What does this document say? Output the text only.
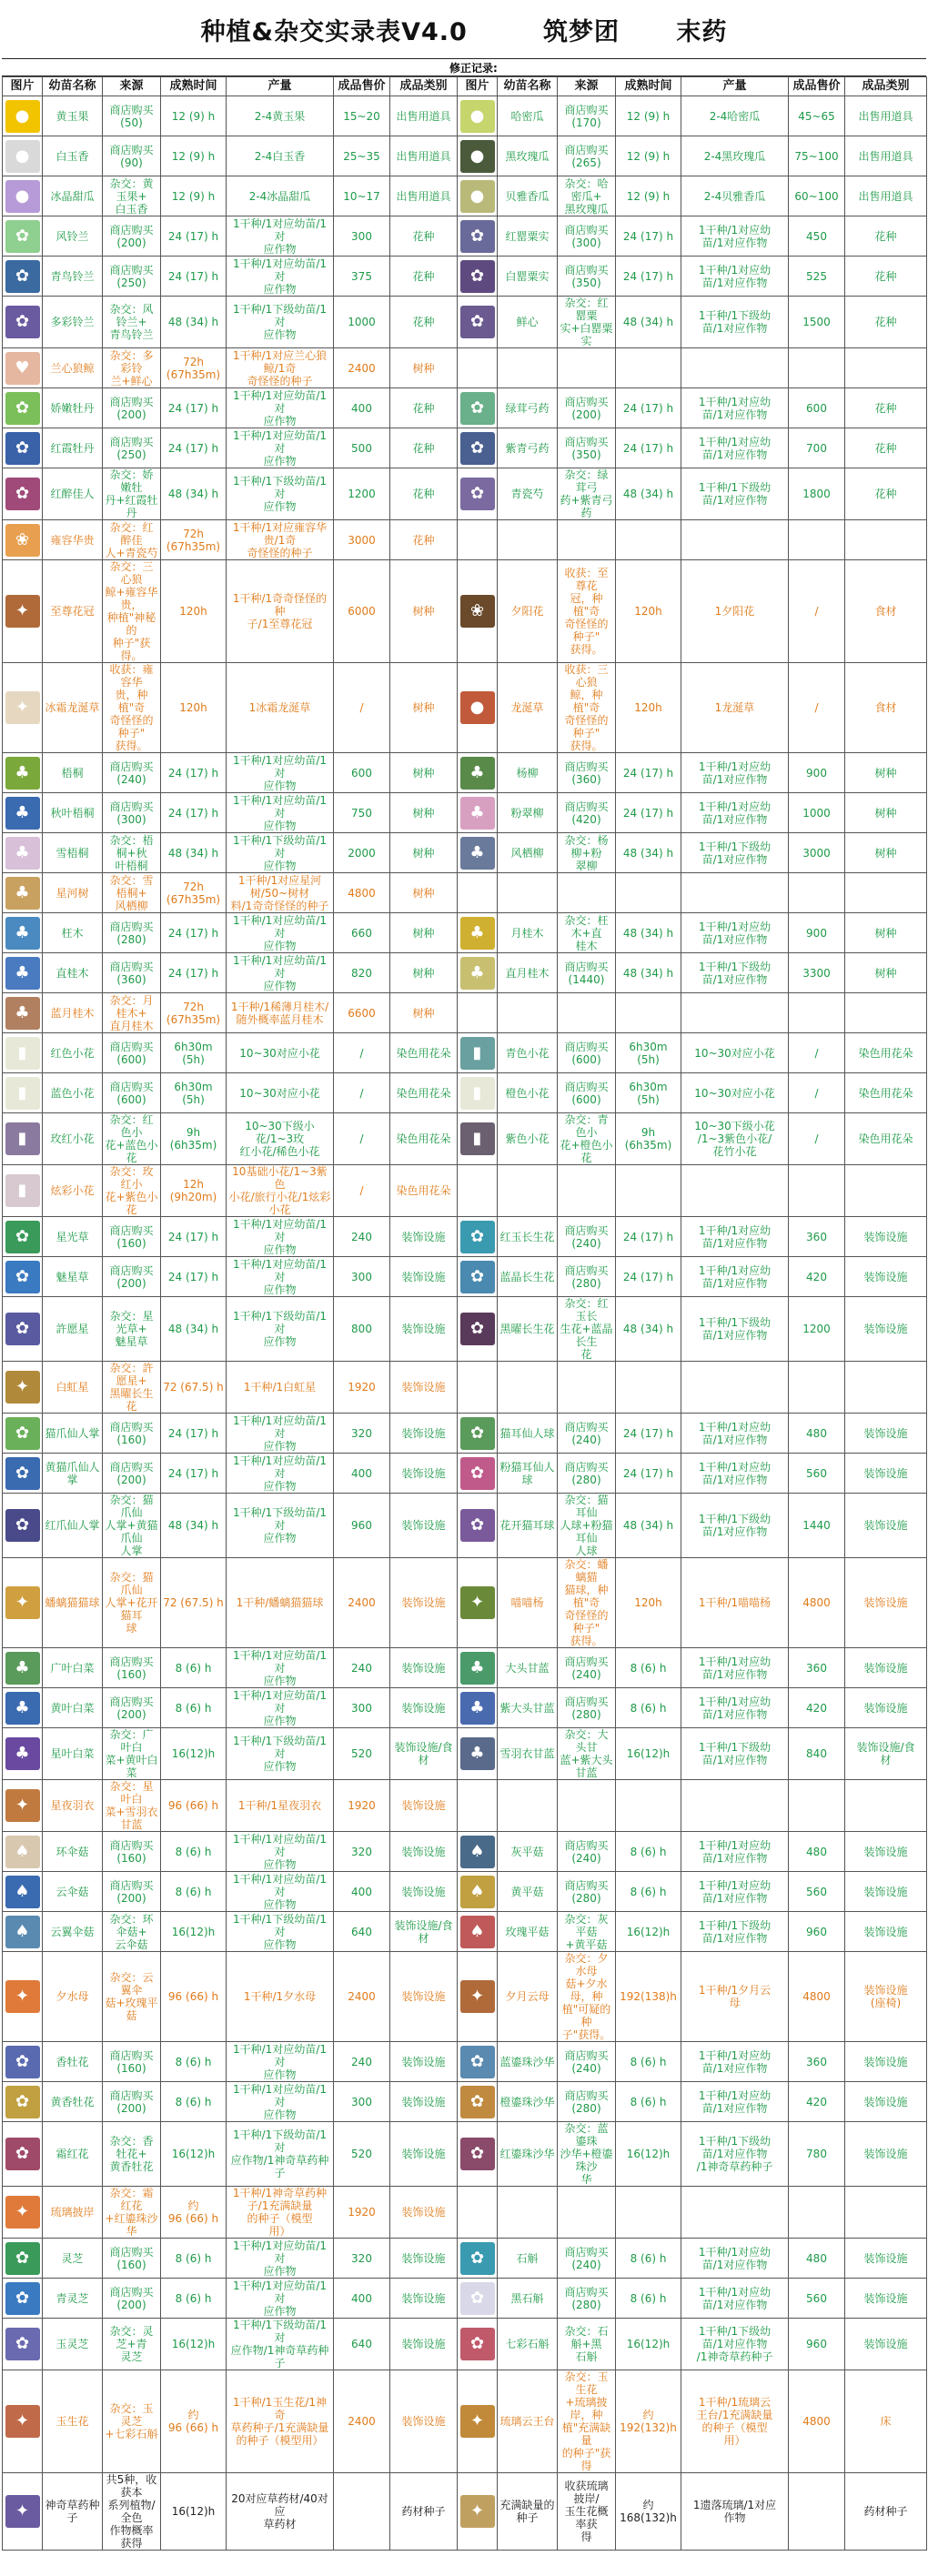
种植&杂交实录表V4.0        筑梦团      末药
修正记录:
图片	幼苗名称	来源	成熟时间	产量	成品售价	成品类别	图片	幼苗名称	来源	成熟时间	产量	成品售价	成品类别

●	黄玉果	商店购买
(50)	12 (9) h	2-4黄玉果	15~20	出售用道具	●	哈密瓜	商店购买
(170)	12 (9) h	2-4哈密瓜	45~65	出售用道具

●	白玉香	商店购买
(90)	12 (9) h	2-4白玉香	25~35	出售用道具	●	黑玫瑰瓜	商店购买
(265)	12 (9) h	2-4黑玫瑰瓜	75~100	出售用道具

●	冰晶甜瓜	杂交：黄玉果+
白玉香	12 (9) h	2-4冰晶甜瓜	10~17	出售用道具	●	贝雅香瓜	杂交：哈密瓜+
黑玫瑰瓜	12 (9) h	2-4贝雅香瓜	60~100	出售用道具

✿	风铃兰	商店购买
(200)	24 (17) h	1干种/1对应幼苗/1对
应作物	300	花种	✿	红罂粟实	商店购买
(300)	24 (17) h	1干种/1对应幼
苗/1对应作物	450	花种

✿	青鸟铃兰	商店购买
(250)	24 (17) h	1干种/1对应幼苗/1对
应作物	375	花种	✿	白罂粟实	商店购买
(350)	24 (17) h	1干种/1对应幼
苗/1对应作物	525	花种

✿	多彩铃兰	杂交：风铃兰+
青鸟铃兰	48 (34) h	1干种/1下级幼苗/1对
应作物	1000	花种	✿	鲜心	杂交：红罂粟
实+白罂粟实	48 (34) h	1干种/1下级幼
苗/1对应作物	1500	花种

♥	兰心狼鲸	杂交：多彩铃
兰+鲜心	72h
(67h35m)	1干种/1对应兰心狼鲸/1奇
奇怪怪的种子	2400	树种							

✿	娇嫩牡丹	商店购买
(200)	24 (17) h	1干种/1对应幼苗/1对
应作物	400	花种	✿	绿茸弓药	商店购买
(200)	24 (17) h	1干种/1对应幼
苗/1对应作物	600	花种

✿	红霞牡丹	商店购买
(250)	24 (17) h	1干种/1对应幼苗/1对
应作物	500	花种	✿	紫青弓药	商店购买
(350)	24 (17) h	1干种/1对应幼
苗/1对应作物	700	花种

✿	红醉佳人	杂交：娇嫩牡
丹+红霞牡丹	48 (34) h	1干种/1下级幼苗/1对
应作物	1200	花种	✿	青瓷芍	杂交：绿茸弓
药+紫青弓药	48 (34) h	1干种/1下级幼
苗/1对应作物	1800	花种

❀	雍容华贵	杂交：红醉佳
人+青瓷芍	72h
(67h35m)	1干种/1对应雍容华贵/1奇
奇怪怪的种子	3000	花种							

✦	至尊花冠	杂交：三心狼
鲸+雍容华贵，
种植"神秘的
种子"获得。	120h	1干种/1奇奇怪怪的种
子/1至尊花冠	6000	树种	❀	夕阳花	收获：至尊花
冠，种植"奇
奇怪怪的种子"
获得。	120h	1夕阳花	/	食材

✦	冰霜龙涎草	收获：雍容华
贵，种植"奇
奇怪怪的种子"
获得。	120h	1冰霜龙涎草	/	树种	●	龙涎草	收获：三心狼
鲸，种植"奇
奇怪怪的种子"
获得。	120h	1龙涎草	/	食材

♣	梧桐	商店购买
(240)	24 (17) h	1干种/1对应幼苗/1对
应作物	600	树种	♣	杨柳	商店购买
(360)	24 (17) h	1干种/1对应幼
苗/1对应作物	900	树种

♣	秋叶梧桐	商店购买
(300)	24 (17) h	1干种/1对应幼苗/1对
应作物	750	树种	♣	粉翠柳	商店购买
(420)	24 (17) h	1干种/1对应幼
苗/1对应作物	1000	树种

♣	雪梧桐	杂交：梧桐+秋
叶梧桐	48 (34) h	1干种/1下级幼苗/1对
应作物	2000	树种	♣	风栖柳	杂交：杨柳+粉
翠柳	48 (34) h	1干种/1下级幼
苗/1对应作物	3000	树种

♣	星河树	杂交：雪梧桐+
风栖柳	72h
(67h35m)	1干种/1对应星河树/50~树材
料/1奇奇怪怪的种子	4800	树种							

♣	枉木	商店购买
(280)	24 (17) h	1干种/1对应幼苗/1对
应作物	660	树种	♣	月桂木	杂交：枉木+直
桂木	48 (34) h	1干种/1对应幼
苗/1对应作物	900	树种

♣	直桂木	商店购买
(360)	24 (17) h	1干种/1对应幼苗/1对
应作物	820	树种	♣	直月桂木	商店购买
(1440)	48 (34) h	1干种/1下级幼
苗/1对应作物	3300	树种

♣	蓝月桂木	杂交：月桂木+
直月桂木	72h
(67h35m)	1干种/1稀薄月桂木/
随外概率蓝月桂木	6600	树种							

▮	红色小花	商店购买
(600)	6h30m (5h)	10~30对应小花	/	染色用花朵	▮	青色小花	商店购买
(600)	6h30m (5h)	10~30对应小花	/	染色用花朵

▮	蓝色小花	商店购买
(600)	6h30m (5h)	10~30对应小花	/	染色用花朵	▮	橙色小花	商店购买
(600)	6h30m (5h)	10~30对应小花	/	染色用花朵

▮	玫红小花	杂交：红色小
花+蓝色小花	9h (6h35m)	10~30下级小花/1~3玫
红小花/稀色小花	/	染色用花朵	▮	紫色小花	杂交：青色小
花+橙色小花	9h (6h35m)	10~30下级小花
/1~3紫色小花/
花竹小花	/	染色用花朵

▮	炫彩小花	杂交：玫红小
花+紫色小花	12h
(9h20m)	10基础小花/1~3紫色
小花/旅行小花/1炫彩
小花	/	染色用花朵							

✿	星光草	商店购买
(160)	24 (17) h	1干种/1对应幼苗/1对
应作物	240	装饰设施	✿	红玉长生花	商店购买
(240)	24 (17) h	1干种/1对应幼
苗/1对应作物	360	装饰设施

✿	魅星草	商店购买
(200)	24 (17) h	1干种/1对应幼苗/1对
应作物	300	装饰设施	✿	蓝晶长生花	商店购买
(280)	24 (17) h	1干种/1对应幼
苗/1对应作物	420	装饰设施

✿	許愿星	杂交：星光草+
魅星草	48 (34) h	1干种/1下级幼苗/1对
应作物	800	装饰设施	✿	黑曜长生花	杂交：红玉长
生花+蓝晶长生
花	48 (34) h	1干种/1下级幼
苗/1对应作物	1200	装饰设施

✦	白虹星	杂交：許愿星+
黑曜长生花	72 (67.5) h	1干种/1白虹星	1920	装饰设施							

✿	猫爪仙人掌	商店购买
(160)	24 (17) h	1干种/1对应幼苗/1对
应作物	320	装饰设施	✿	猫耳仙人球	商店购买
(240)	24 (17) h	1干种/1对应幼
苗/1对应作物	480	装饰设施

✿	黄猫爪仙人掌	商店购买
(200)	24 (17) h	1干种/1对应幼苗/1对
应作物	400	装饰设施	✿	粉猫耳仙人球	商店购买
(280)	24 (17) h	1干种/1对应幼
苗/1对应作物	560	装饰设施

✿	红爪仙人掌	杂交：猫爪仙
人掌+黄猫爪仙
人掌	48 (34) h	1干种/1下级幼苗/1对
应作物	960	装饰设施	✿	花开猫耳球	杂交：猫耳仙
人球+粉猫耳仙
人球	48 (34) h	1干种/1下级幼
苗/1对应作物	1440	装饰设施

✦	蟠螭猫猫球	杂交：猫爪仙
人掌+花开猫耳
球	72 (67.5) h	1干种/蟠螭猫猫球	2400	装饰设施	✦	喵喵杨	杂交：蟠螭猫
猫球，种植"奇
奇怪怪的种子"
获得。	120h	1干种/1喵喵杨	4800	装饰设施

♣	广叶白菜	商店购买
(160)	8 (6) h	1干种/1对应幼苗/1对
应作物	240	装饰设施	♣	大头甘蓝	商店购买
(240)	8 (6) h	1干种/1对应幼
苗/1对应作物	360	装饰设施

♣	黄叶白菜	商店购买
(200)	8 (6) h	1干种/1对应幼苗/1对
应作物	300	装饰设施	♣	紫大头甘蓝	商店购买
(280)	8 (6) h	1干种/1对应幼
苗/1对应作物	420	装饰设施

♣	星叶白菜	杂交：广叶白
菜+黄叶白菜	16(12)h	1干种/1下级幼苗/1对
应作物	520	装饰设施/食
材	♣	雪羽衣甘蓝	杂交：大头甘
蓝+紫大头甘蓝	16(12)h	1干种/1下级幼
苗/1对应作物	840	装饰设施/食
材

✦	星夜羽衣	杂交：星叶白
菜+雪羽衣甘蓝	96 (66) h	1干种/1星夜羽衣	1920	装饰设施							

♠	环伞菇	商店购买
(160)	8 (6) h	1干种/1对应幼苗/1对
应作物	320	装饰设施	♠	灰平菇	商店购买
(240)	8 (6) h	1干种/1对应幼
苗/1对应作物	480	装饰设施

♠	云伞菇	商店购买
(200)	8 (6) h	1干种/1对应幼苗/1对
应作物	400	装饰设施	♠	黄平菇	商店购买
(280)	8 (6) h	1干种/1对应幼
苗/1对应作物	560	装饰设施

♠	云翼伞菇	杂交：环伞菇+
云伞菇	16(12)h	1干种/1下级幼苗/1对
应作物	640	装饰设施/食
材	♠	玫瑰平菇	杂交：灰平菇
+黄平菇	16(12)h	1干种/1下级幼
苗/1对应作物	960	装饰设施

✦	夕水母	杂交：云翼伞
菇+玫瑰平菇	96 (66) h	1干种/1夕水母	2400	装饰设施	✦	夕月云母	杂交：夕水母
菇+夕水母，种
植"可疑的种
子"获得。	192(138)h	1干种/1夕月云
母	4800	装饰设施
(座椅)

✿	香牡花	商店购买
(160)	8 (6) h	1干种/1对应幼苗/1对
应作物	240	装饰设施	✿	蓝鎏珠沙华	商店购买
(240)	8 (6) h	1干种/1对应幼
苗/1对应作物	360	装饰设施

✿	黄香牡花	商店购买
(200)	8 (6) h	1干种/1对应幼苗/1对
应作物	300	装饰设施	✿	橙鎏珠沙华	商店购买
(280)	8 (6) h	1干种/1对应幼
苗/1对应作物	420	装饰设施

✿	霜红花	杂交：香牡花+
黄香牡花	16(12)h	1干种/1下级幼苗/1对
应作物/1神奇草药种子	520	装饰设施	✿	红鎏珠沙华	杂交：蓝鎏珠
沙华+橙鎏珠沙
华	16(12)h	1干种/1下级幼
苗/1对应作物
/1神奇草药种子	780	装饰设施

✦	琉璃披岸	杂交：霜红花
+红鎏珠沙华	约
96 (66) h	1干种/1神奇草药种
子/1充满缺量
的种子（模型
用）	1920	装饰设施							

✿	灵芝	商店购买
(160)	8 (6) h	1干种/1对应幼苗/1对
应作物	320	装饰设施	✿	石斛	商店购买
(240)	8 (6) h	1干种/1对应幼
苗/1对应作物	480	装饰设施

✿	青灵芝	商店购买
(200)	8 (6) h	1干种/1对应幼苗/1对
应作物	400	装饰设施	✿	黑石斛	商店购买
(280)	8 (6) h	1干种/1对应幼
苗/1对应作物	560	装饰设施

✿	玉灵芝	杂交：灵芝+青
灵芝	16(12)h	1干种/1下级幼苗/1对
应作物/1神奇草药种子	640	装饰设施	✿	七彩石斛	杂交：石斛+黑
石斛	16(12)h	1干种/1下级幼
苗/1对应作物
/1神奇草药种子	960	装饰设施

✦	玉生花	杂交：玉灵芝
+七彩石斛	约
96 (66) h	1干种/1玉生花/1神奇
草药种子/1充满缺量
的种子（模型用）	2400	装饰设施	✦	琉璃云王台	杂交：玉生花
+琉璃披岸，种
植"充满缺量
的种子"获得	约
192(132)h	1干种/1琉璃云
王台/1充满缺量
的种子（模型
用）	4800	床

✦	神奇草药种子	共5种，收获本
系列植物/全色
作物概率获得	16(12)h	20对应草药材/40对应
草药材		药材种子	✦	充满缺量的种子	收获琉璃披岸/
玉生花概率获
得	约
168(132)h	1遗落琉璃/1对应
作物		药材种子
